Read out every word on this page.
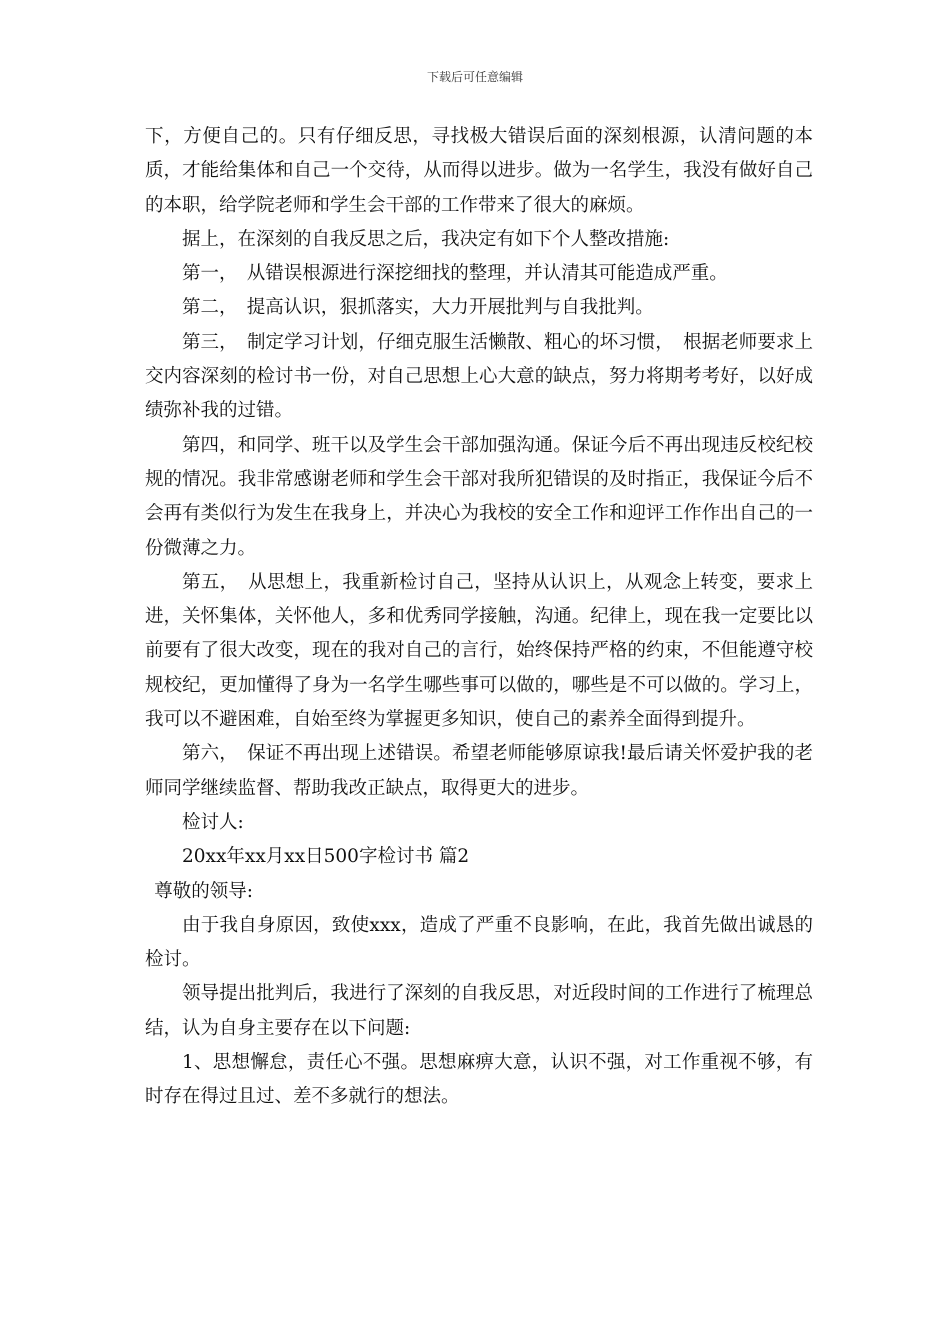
下载后可任意编辑

下，方便自己的。只有仔细反思，寻找极大错误后面的深刻根源，认清问题的本质，才能给集体和自己一个交待，从而得以进步。做为一名学生，我没有做好自己的本职，给学院老师和学生会干部的工作带来了很大的麻烦。

据上，在深刻的自我反思之后，我决定有如下个人整改措施:

第一，　从错误根源进行深挖细找的整理，并认清其可能造成严重。

第二，　提高认识，狠抓落实，大力开展批判与自我批判。

第三，　制定学习计划，仔细克服生活懒散、粗心的坏习惯，　根据老师要求上交内容深刻的检讨书一份，对自己思想上心大意的缺点，努力将期考考好，以好成绩弥补我的过错。

第四，和同学、班干以及学生会干部加强沟通。保证今后不再出现违反校纪校规的情况。我非常感谢老师和学生会干部对我所犯错误的及时指正，我保证今后不会再有类似行为发生在我身上，并决心为我校的安全工作和迎评工作作出自己的一份微薄之力。

第五，　从思想上，我重新检讨自己，坚持从认识上，从观念上转变，要求上进，关怀集体，关怀他人，多和优秀同学接触，沟通。纪律上，现在我一定要比以前要有了很大改变，现在的我对自己的言行，始终保持严格的约束，不但能遵守校规校纪，更加懂得了身为一名学生哪些事可以做的，哪些是不可以做的。学习上，我可以不避困难，自始至终为掌握更多知识，使自己的素养全面得到提升。

第六，　保证不再出现上述错误。希望老师能够原谅我!最后请关怀爱护我的老师同学继续监督、帮助我改正缺点，取得更大的进步。

检讨人:

20xx年xx月xx日500字检讨书 篇2

尊敬的领导:

由于我自身原因，致使xxx，造成了严重不良影响，在此，我首先做出诚恳的检讨。

领导提出批判后，我进行了深刻的自我反思，对近段时间的工作进行了梳理总结，认为自身主要存在以下问题:

1、思想懈怠，责任心不强。思想麻痹大意，认识不强，对工作重视不够，有时存在得过且过、差不多就行的想法。
